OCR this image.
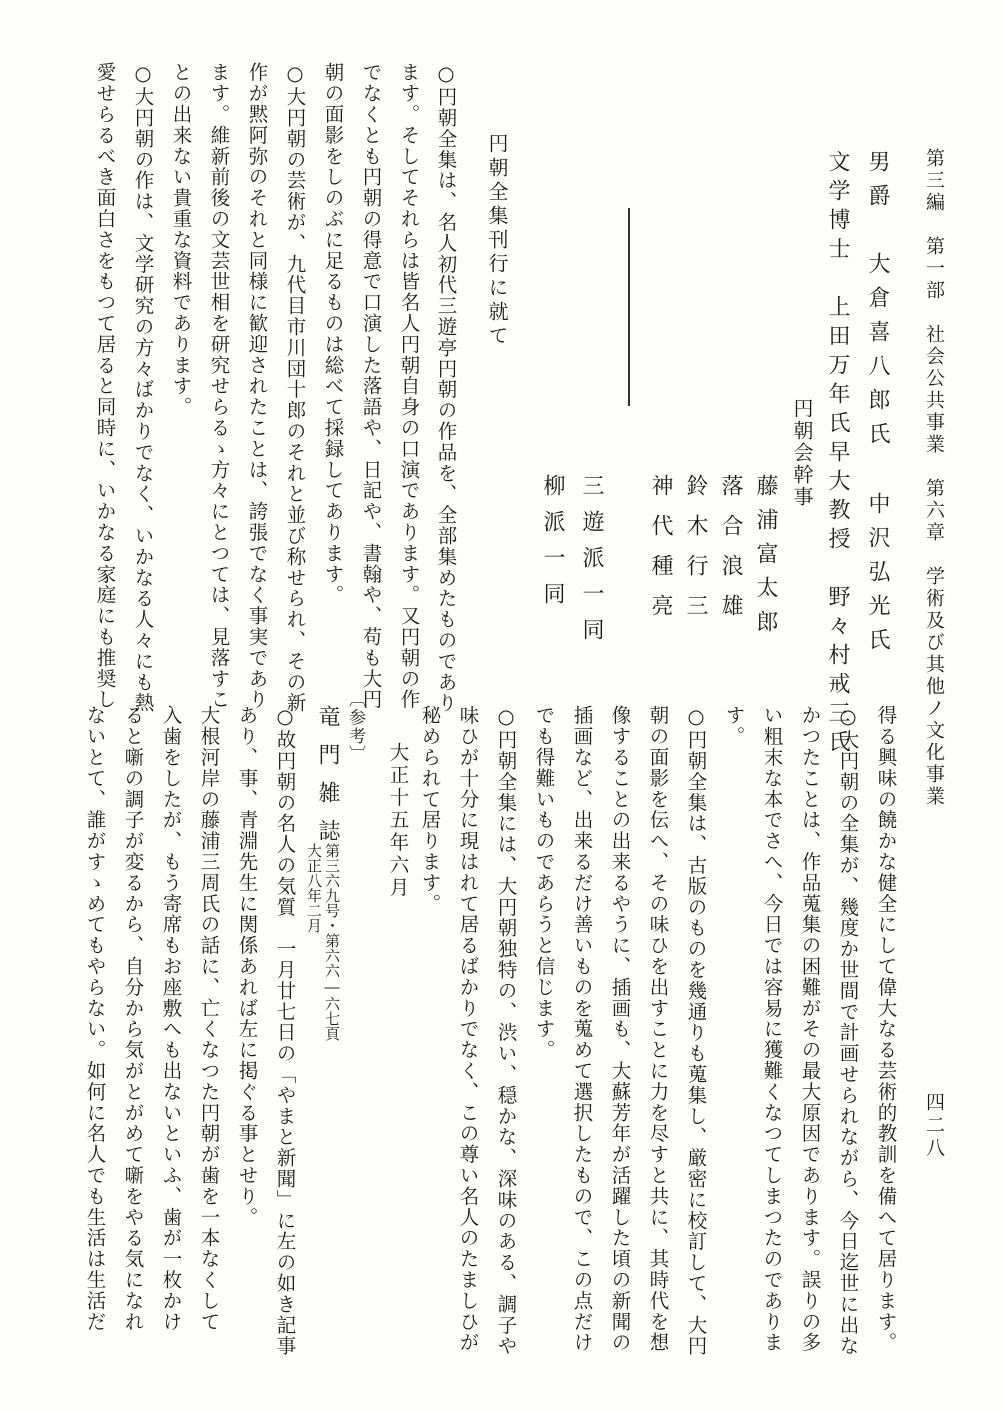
第三編　第一部　社会公共事業　第六章　学術及び其他ノ文化事業
四二八
男爵　大倉喜八郎氏
文学博士　上田万年氏
中沢弘光氏
早大教授　野々村戒三氏
円朝会幹事
藤浦富太郎
落合浪雄
鈴木行三
神代種亮
三遊派一同
柳派一同
円朝全集刊行に就て
○円朝全集は、名人初代三遊亭円朝の作品を、全部集めたものであり
ます。そしてそれらは皆名人円朝自身の口演であります。又円朝の作
でなくとも円朝の得意で口演した落語や、日記や、書翰や、苟も大円
朝の面影をしのぶに足るものは総べて採録してあります。
○大円朝の芸術が、九代目市川団十郎のそれと並び称せられ、その新
作が黙阿弥のそれと同様に歓迎されたことは、誇張でなく事実であり
ます。維新前後の文芸世相を研究せらるゝ方々にとつては、見落すこ
との出来ない貴重な資料であります。
○大円朝の作は、文学研究の方々ばかりでなく、いかなる人々にも熱
愛せらるべき面白さをもつて居ると同時に、いかなる家庭にも推奨し
得る興味の饒かな健全にして偉大なる芸術的教訓を備へて居ります。
○大円朝の全集が、幾度か世間で計画せられながら、今日迄世に出な
かつたことは、作品蒐集の困難がその最大原因であります。誤りの多
い粗末な本でさへ、今日では容易に獲難くなつてしまつたのでありま
す。
○円朝全集は、古版のものを幾通りも蒐集し、厳密に校訂して、大円
朝の面影を伝へ、その味ひを出すことに力を尽すと共に、其時代を想
像することの出来るやうに、插画も、大蘇芳年が活躍した頃の新聞の
插画など、出来るだけ善いものを蒐めて選択したもので、この点だけ
でも得難いものであらうと信じます。
○円朝全集には、大円朝独特の、渋い、穏かな、深味のある、調子や
味ひが十分に現はれて居るばかりでなく、この尊い名人のたましひが
秘められて居ります。
大正十五年六月
〔参考〕
竜門雑誌
第三六九号・第六六―六七頁
大正八年二月
○故円朝の名人の気質　一月廿七日の「やまと新聞」に左の如き記事
あり、事、青淵先生に関係あれば左に掲ぐる事とせり。
大根河岸の藤浦三周氏の話に、亡くなつた円朝が歯を一本なくして
入歯をしたが、もう寄席もお座敷へも出ないといふ、歯が一枚かけ
ると噺の調子が変るから、自分から気がとがめて噺をやる気になれ
ないとて、誰がすゝめてもやらない。如何に名人でも生活は生活だ
